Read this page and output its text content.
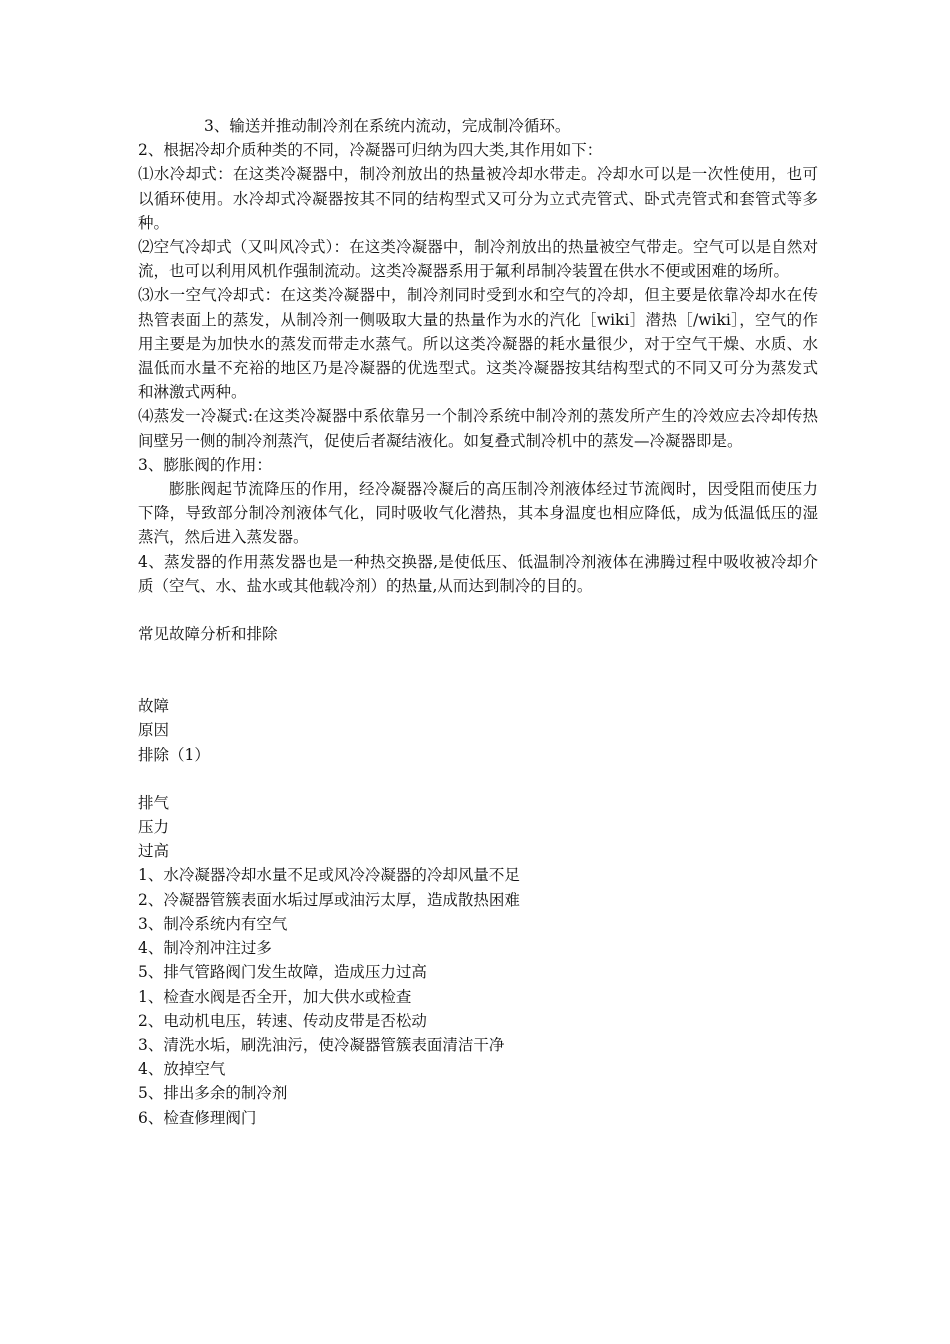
3、输送并推动制冷剂在系统内流动，完成制冷循环。

2、根据冷却介质种类的不同，冷凝器可归纳为四大类,其作用如下：

⑴水冷却式：在这类冷凝器中，制冷剂放出的热量被冷却水带走。冷却水可以是一次性使用，也可以循环使用。水冷却式冷凝器按其不同的结构型式又可分为立式壳管式、卧式壳管式和套管式等多种。

⑵空气冷却式（又叫风冷式）：在这类冷凝器中，制冷剂放出的热量被空气带走。空气可以是自然对流，也可以利用风机作强制流动。这类冷凝器系用于氟利昂制冷装置在供水不便或困难的场所。

⑶水一空气冷却式：在这类冷凝器中，制冷剂同时受到水和空气的冷却，但主要是依靠冷却水在传热管表面上的蒸发，从制冷剂一侧吸取大量的热量作为水的汽化［wiki］潜热［/wiki］，空气的作用主要是为加快水的蒸发而带走水蒸气。所以这类冷凝器的耗水量很少，对于空气干燥、水质、水温低而水量不充裕的地区乃是冷凝器的优选型式。这类冷凝器按其结构型式的不同又可分为蒸发式和淋激式两种。

⑷蒸发一冷凝式:在这类冷凝器中系依靠另一个制冷系统中制冷剂的蒸发所产生的冷效应去冷却传热间壁另一侧的制冷剂蒸汽，促使后者凝结液化。如复叠式制冷机中的蒸发—冷凝器即是。

3、膨胀阀的作用：

膨胀阀起节流降压的作用，经冷凝器冷凝后的高压制冷剂液体经过节流阀时，因受阻而使压力下降，导致部分制冷剂液体气化，同时吸收气化潜热，其本身温度也相应降低，成为低温低压的湿蒸汽，然后进入蒸发器。

4、蒸发器的作用蒸发器也是一种热交换器,是使低压、低温制冷剂液体在沸腾过程中吸收被冷却介质（空气、水、盐水或其他载冷剂）的热量,从而达到制冷的目的。

常见故障分析和排除

故障

原因

排除（1）

排气

压力

过高

1、水冷凝器冷却水量不足或风冷冷凝器的冷却风量不足

2、冷凝器管簇表面水垢过厚或油污太厚，造成散热困难

3、制冷系统内有空气

4、制冷剂冲注过多

5、排气管路阀门发生故障，造成压力过高

1、检查水阀是否全开，加大供水或检查

2、电动机电压，转速、传动皮带是否松动

3、清洗水垢，刷洗油污，使冷凝器管簇表面清洁干净

4、放掉空气

5、排出多余的制冷剂

6、检查修理阀门
